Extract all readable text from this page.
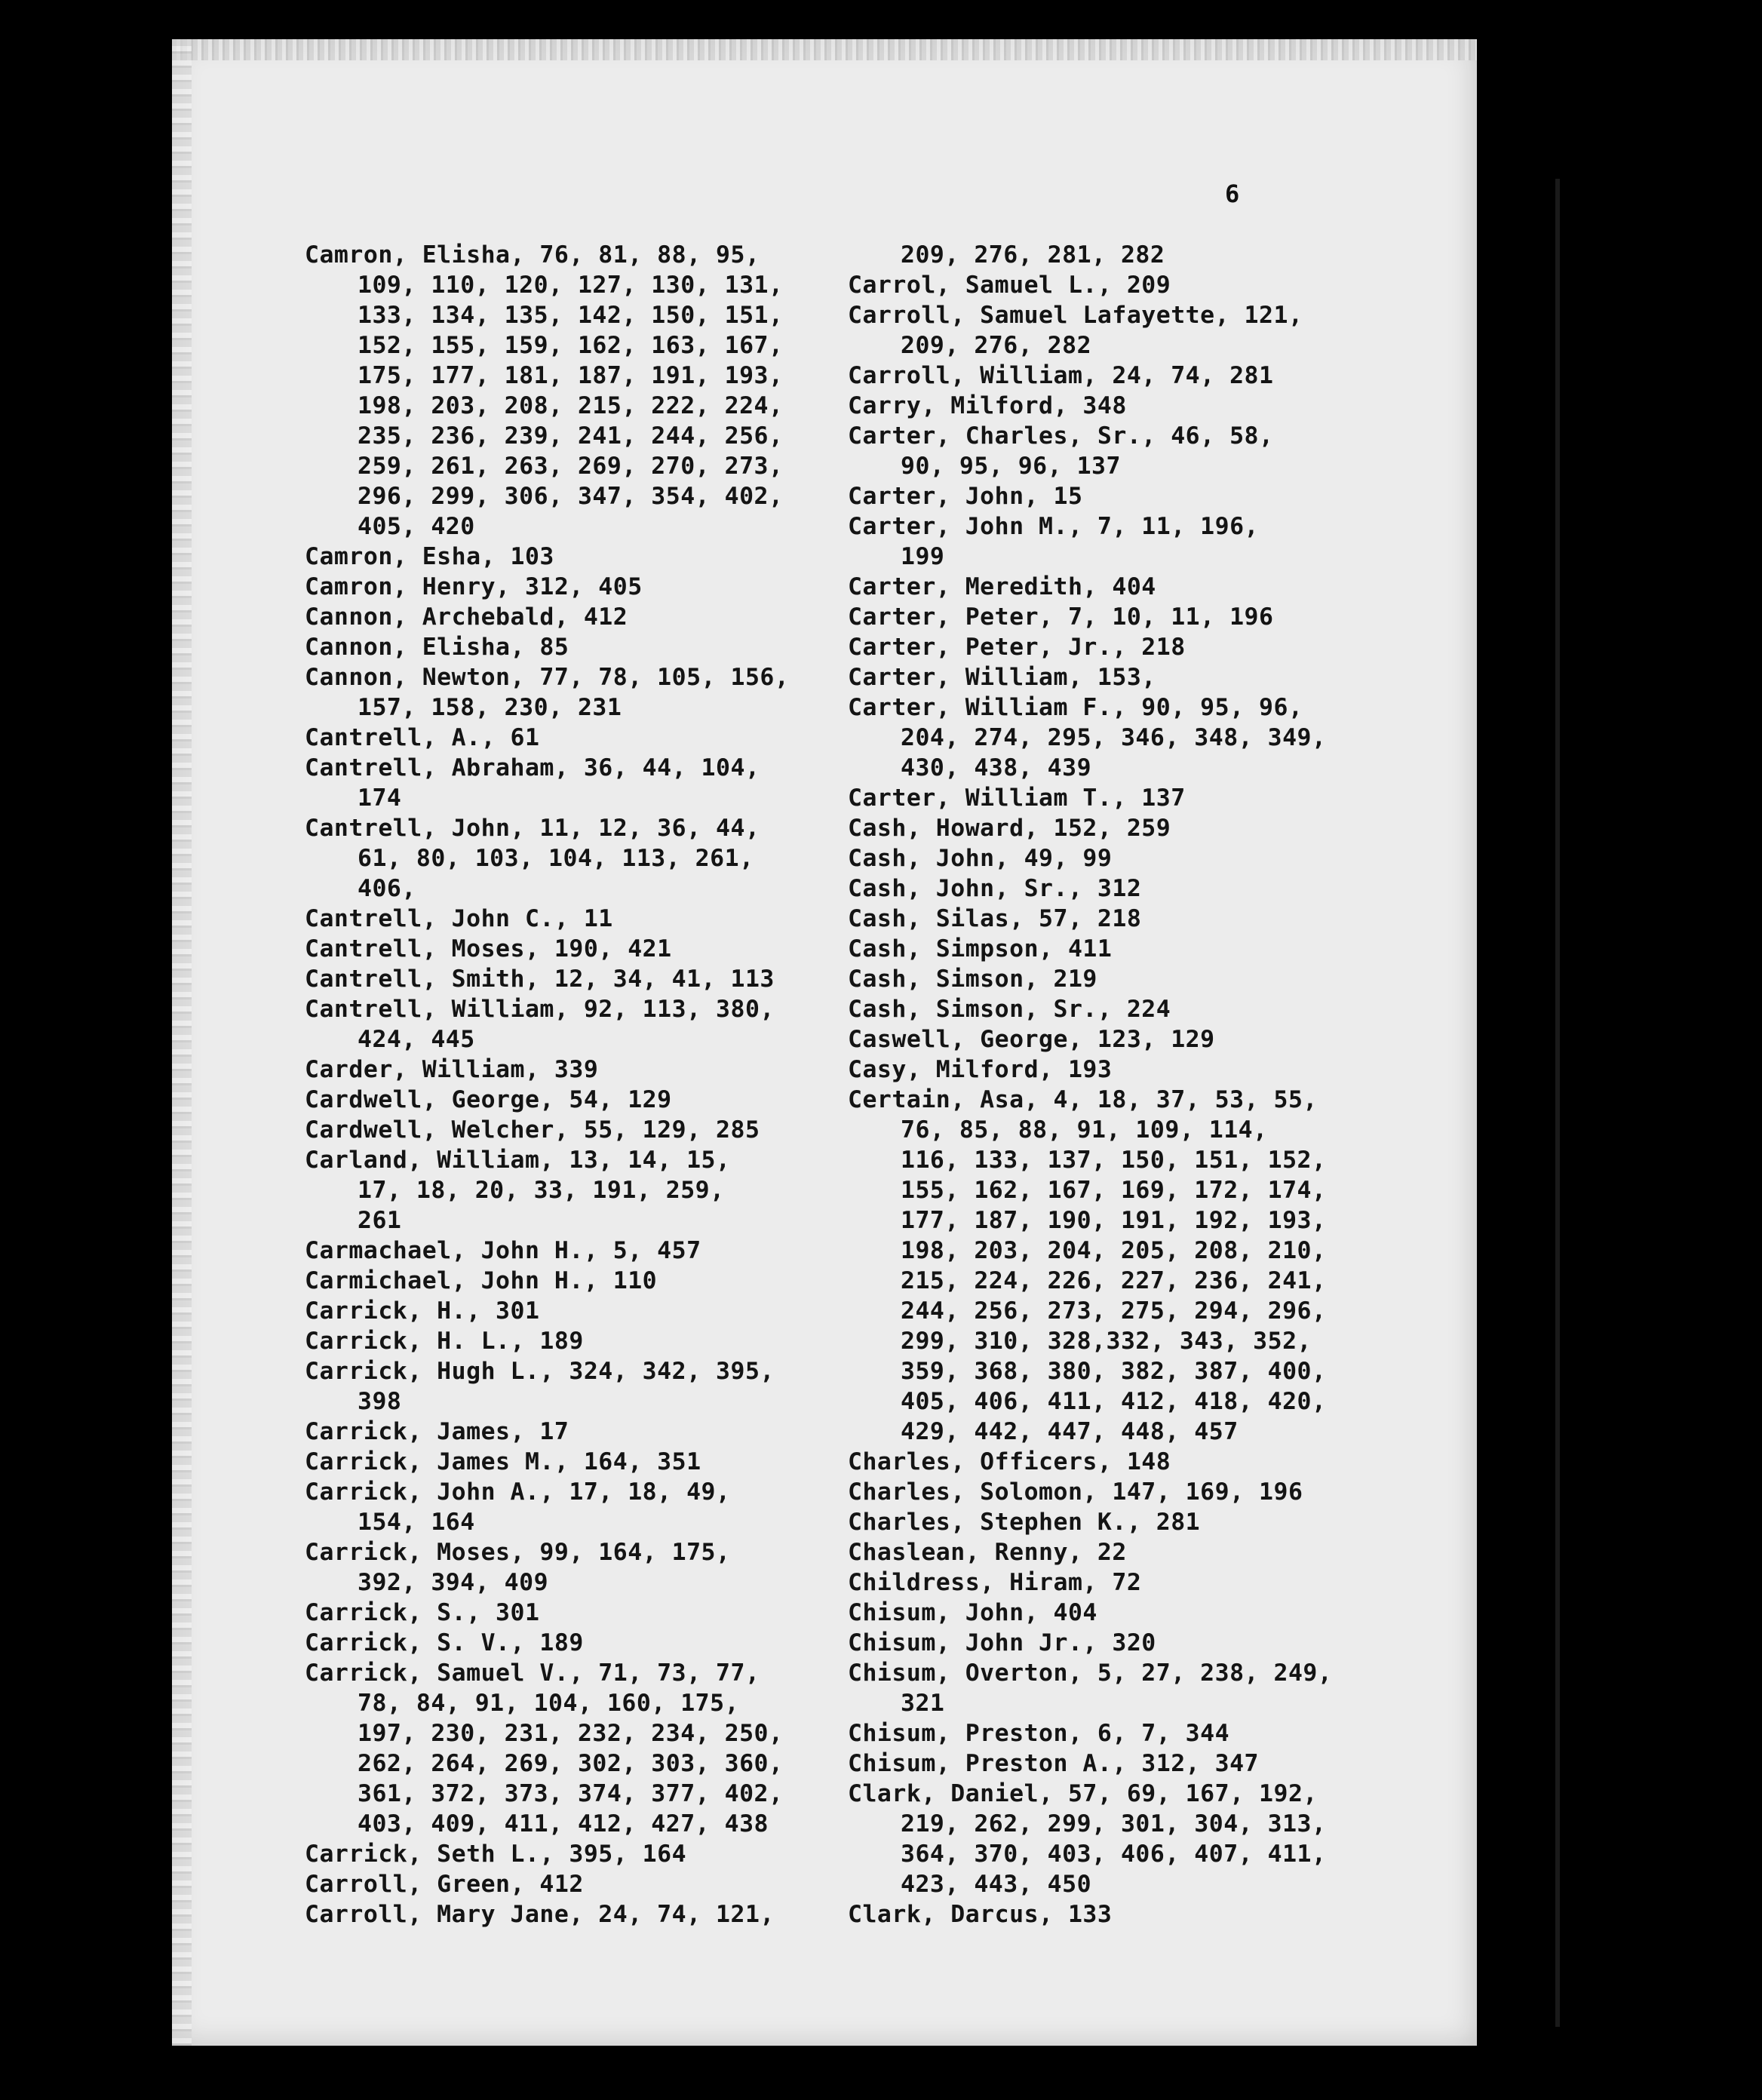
6
Camron, Elisha, 76, 81, 88, 95,
109, 110, 120, 127, 130, 131,
133, 134, 135, 142, 150, 151,
152, 155, 159, 162, 163, 167,
175, 177, 181, 187, 191, 193,
198, 203, 208, 215, 222, 224,
235, 236, 239, 241, 244, 256,
259, 261, 263, 269, 270, 273,
296, 299, 306, 347, 354, 402,
405, 420
Camron, Esha, 103
Camron, Henry, 312, 405
Cannon, Archebald, 412
Cannon, Elisha, 85
Cannon, Newton, 77, 78, 105, 156,
157, 158, 230, 231
Cantrell, A., 61
Cantrell, Abraham, 36, 44, 104,
174
Cantrell, John, 11, 12, 36, 44,
61, 80, 103, 104, 113, 261,
406,
Cantrell, John C., 11
Cantrell, Moses, 190, 421
Cantrell, Smith, 12, 34, 41, 113
Cantrell, William, 92, 113, 380,
424, 445
Carder, William, 339
Cardwell, George, 54, 129
Cardwell, Welcher, 55, 129, 285
Carland, William, 13, 14, 15,
17, 18, 20, 33, 191, 259,
261
Carmachael, John H., 5, 457
Carmichael, John H., 110
Carrick, H., 301
Carrick, H. L., 189
Carrick, Hugh L., 324, 342, 395,
398
Carrick, James, 17
Carrick, James M., 164, 351
Carrick, John A., 17, 18, 49,
154, 164
Carrick, Moses, 99, 164, 175,
392, 394, 409
Carrick, S., 301
Carrick, S. V., 189
Carrick, Samuel V., 71, 73, 77,
78, 84, 91, 104, 160, 175,
197, 230, 231, 232, 234, 250,
262, 264, 269, 302, 303, 360,
361, 372, 373, 374, 377, 402,
403, 409, 411, 412, 427, 438
Carrick, Seth L., 395, 164
Carroll, Green, 412
Carroll, Mary Jane, 24, 74, 121,
209, 276, 281, 282
Carrol, Samuel L., 209
Carroll, Samuel Lafayette, 121,
209, 276, 282
Carroll, William, 24, 74, 281
Carry, Milford, 348
Carter, Charles, Sr., 46, 58,
90, 95, 96, 137
Carter, John, 15
Carter, John M., 7, 11, 196,
199
Carter, Meredith, 404
Carter, Peter, 7, 10, 11, 196
Carter, Peter, Jr., 218
Carter, William, 153,
Carter, William F., 90, 95, 96,
204, 274, 295, 346, 348, 349,
430, 438, 439
Carter, William T., 137
Cash, Howard, 152, 259
Cash, John, 49, 99
Cash, John, Sr., 312
Cash, Silas, 57, 218
Cash, Simpson, 411
Cash, Simson, 219
Cash, Simson, Sr., 224
Caswell, George, 123, 129
Casy, Milford, 193
Certain, Asa, 4, 18, 37, 53, 55,
76, 85, 88, 91, 109, 114,
116, 133, 137, 150, 151, 152,
155, 162, 167, 169, 172, 174,
177, 187, 190, 191, 192, 193,
198, 203, 204, 205, 208, 210,
215, 224, 226, 227, 236, 241,
244, 256, 273, 275, 294, 296,
299, 310, 328,332, 343, 352,
359, 368, 380, 382, 387, 400,
405, 406, 411, 412, 418, 420,
429, 442, 447, 448, 457
Charles, Officers, 148
Charles, Solomon, 147, 169, 196
Charles, Stephen K., 281
Chaslean, Renny, 22
Childress, Hiram, 72
Chisum, John, 404
Chisum, John Jr., 320
Chisum, Overton, 5, 27, 238, 249,
321
Chisum, Preston, 6, 7, 344
Chisum, Preston A., 312, 347
Clark, Daniel, 57, 69, 167, 192,
219, 262, 299, 301, 304, 313,
364, 370, 403, 406, 407, 411,
423, 443, 450
Clark, Darcus, 133
